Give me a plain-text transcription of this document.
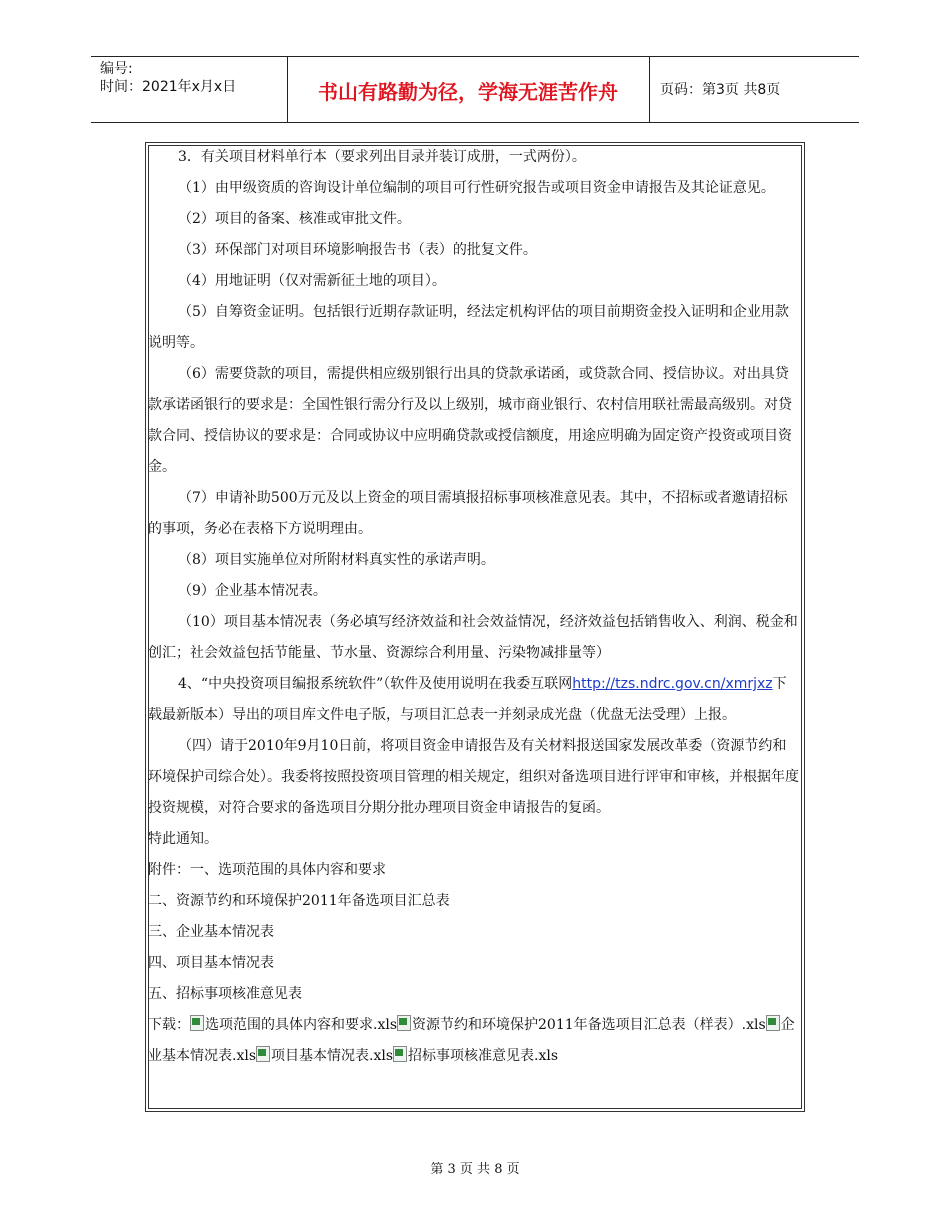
编号:
时间：2021年x月x日	书山有路勤为径，学海无涯苦作舟	页码：第3页 共8页

3．有关项目材料单行本（要求列出目录并装订成册，一式两份）。

（1）由甲级资质的咨询设计单位编制的项目可行性研究报告或项目资金申请报告及其论证意见。

（2）项目的备案、核准或审批文件。

（3）环保部门对项目环境影响报告书（表）的批复文件。

（4）用地证明（仅对需新征土地的项目）。

（5）自筹资金证明。包括银行近期存款证明，经法定机构评估的项目前期资金投入证明和企业用款说明等。

（6）需要贷款的项目，需提供相应级别银行出具的贷款承诺函，或贷款合同、授信协议。对出具贷款承诺函银行的要求是：全国性银行需分行及以上级别，城市商业银行、农村信用联社需最高级别。对贷款合同、授信协议的要求是：合同或协议中应明确贷款或授信额度，用途应明确为固定资产投资或项目资金。

（7）申请补助500万元及以上资金的项目需填报招标事项核准意见表。其中，不招标或者邀请招标的事项，务必在表格下方说明理由。

（8）项目实施单位对所附材料真实性的承诺声明。

（9）企业基本情况表。

（10）项目基本情况表（务必填写经济效益和社会效益情况，经济效益包括销售收入、利润、税金和创汇；社会效益包括节能量、节水量、资源综合利用量、污染物减排量等）

4、“中央投资项目编报系统软件”（软件及使用说明在我委互联网http://tzs.ndrc.gov.cn/xmrjxz下载最新版本）导出的项目库文件电子版，与项目汇总表一并刻录成光盘（优盘无法受理）上报。

（四）请于2010年9月10日前，将项目资金申请报告及有关材料报送国家发展改革委（资源节约和环境保护司综合处）。我委将按照投资项目管理的相关规定，组织对备选项目进行评审和审核，并根据年度投资规模，对符合要求的备选项目分期分批办理项目资金申请报告的复函。

特此通知。

附件：一、选项范围的具体内容和要求

二、资源节约和环境保护2011年备选项目汇总表

三、企业基本情况表

四、项目基本情况表

五、招标事项核准意见表

下载： 选项范围的具体内容和要求.xls 资源节约和环境保护2011年备选项目汇总表（样表）.xls 企业基本情况表.xls 项目基本情况表.xls 招标事项核准意见表.xls

第 3 页 共 8 页
